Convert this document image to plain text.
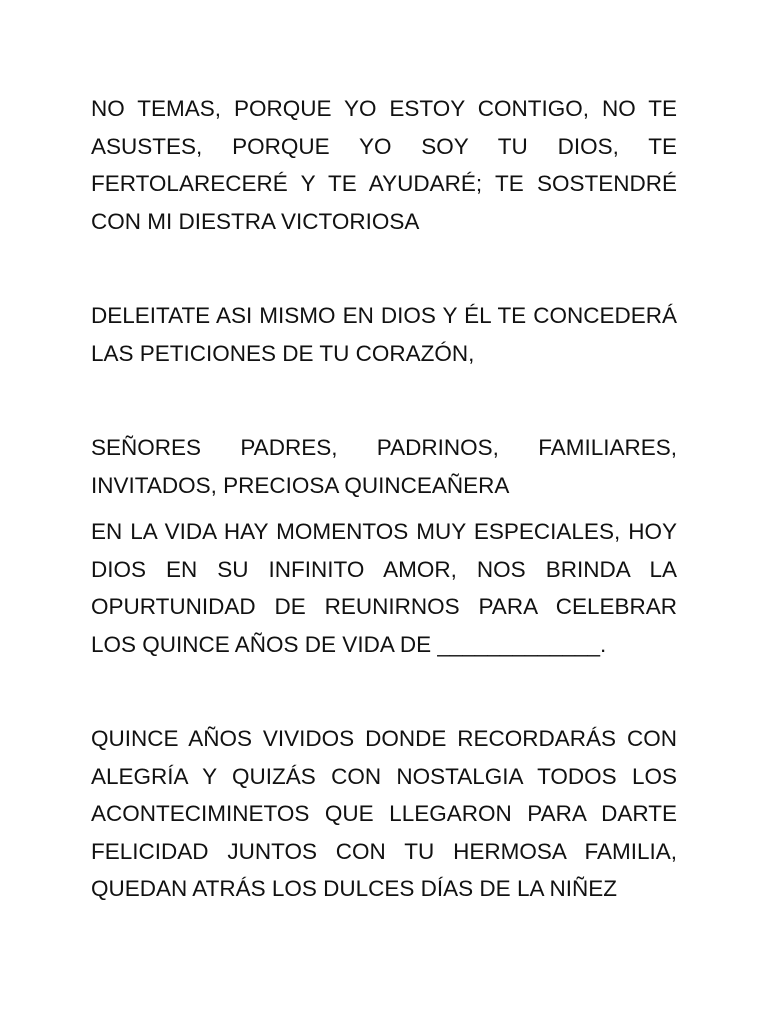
NO TEMAS, PORQUE YO ESTOY CONTIGO, NO TE ASUSTES, PORQUE YO SOY TU DIOS, TE FERTOLARECERÉ Y TE AYUDARÉ; TE SOSTENDRÉ CON MI DIESTRA VICTORIOSA

DELEITATE ASI MISMO EN DIOS Y ÉL TE CONCEDERÁ LAS PETICIONES DE TU CORAZÓN,

SEÑORES PADRES, PADRINOS, FAMILIARES, INVITADOS, PRECIOSA QUINCEAÑERA

EN LA VIDA HAY MOMENTOS MUY ESPECIALES, HOY DIOS EN SU INFINITO AMOR, NOS BRINDA LA OPURTUNIDAD DE REUNIRNOS PARA CELEBRAR LOS QUINCE AÑOS DE VIDA DE _____________.

QUINCE AÑOS VIVIDOS DONDE RECORDARÁS CON ALEGRÍA Y QUIZÁS CON NOSTALGIA TODOS LOS ACONTECIMINETOS QUE LLEGARON PARA DARTE FELICIDAD JUNTOS CON TU HERMOSA FAMILIA, QUEDAN ATRÁS LOS DULCES DÍAS DE LA NIÑEZ
